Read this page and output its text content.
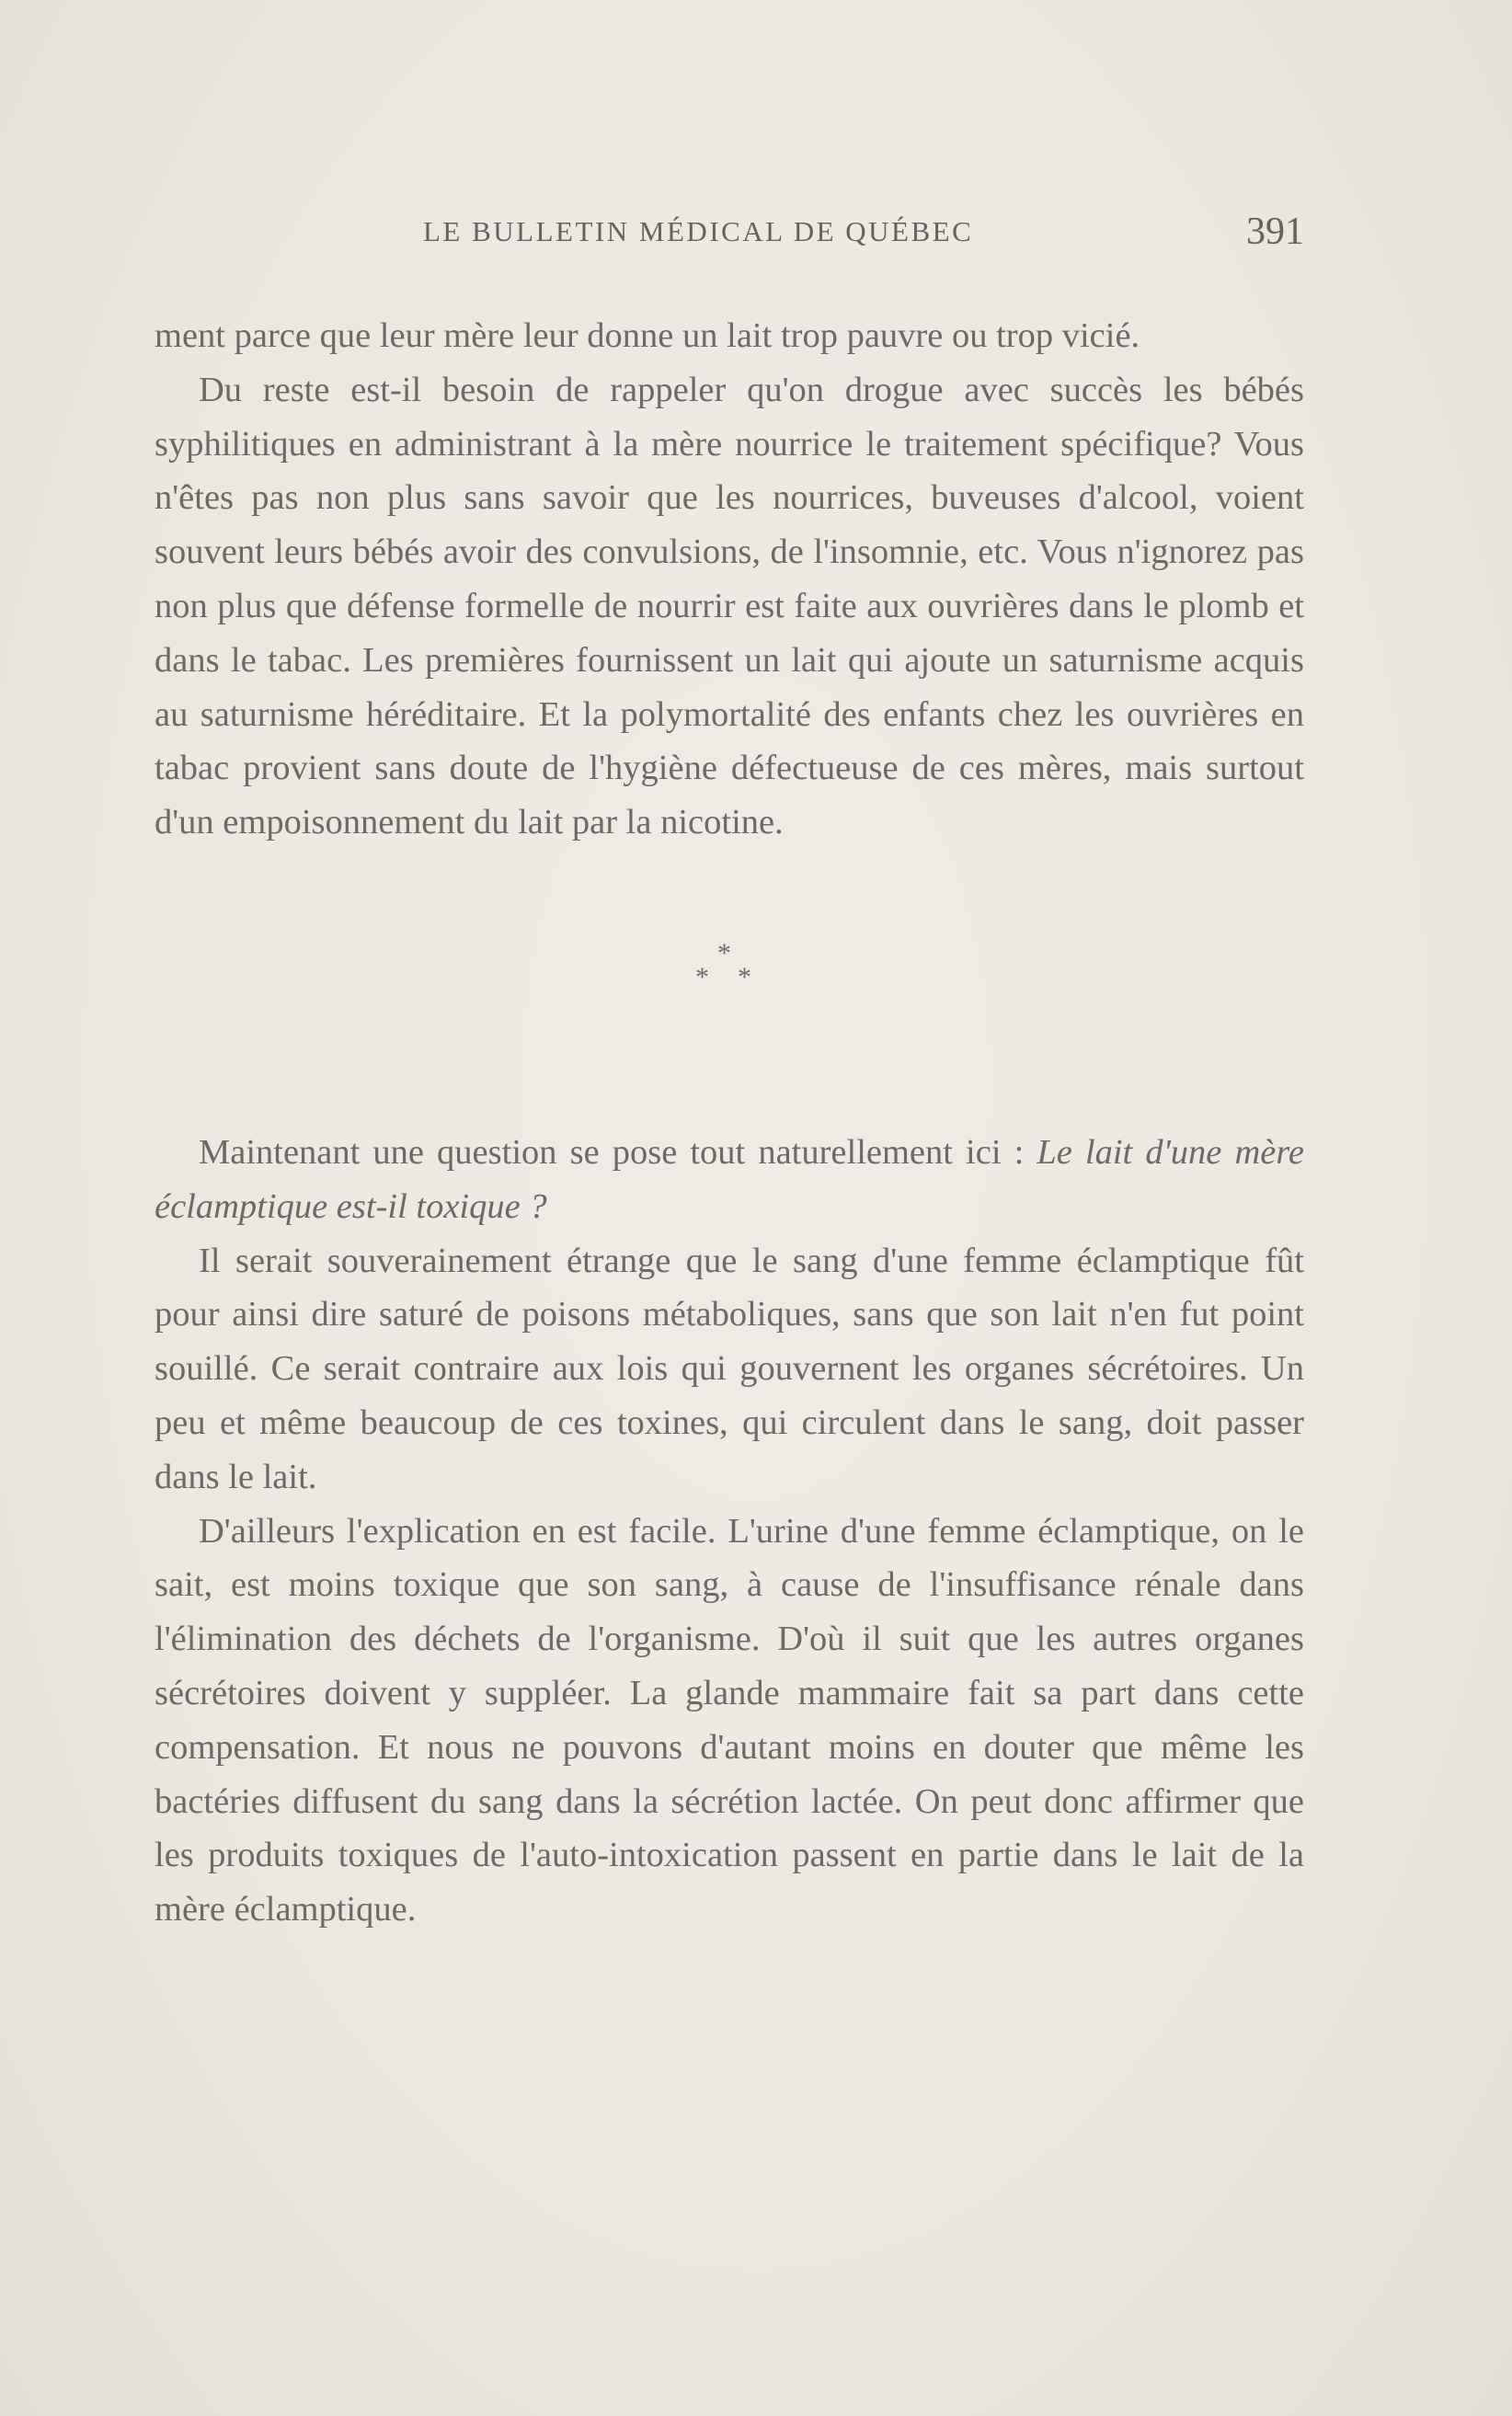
LE BULLETIN MÉDICAL DE QUÉBEC	391

ment parce que leur mère leur donne un lait trop pauvre ou trop vicié.

Du reste est-il besoin de rappeler qu'on drogue avec succès les bébés syphilitiques en administrant à la mère nourrice le traitement spécifique? Vous n'êtes pas non plus sans savoir que les nourrices, buveuses d'alcool, voient souvent leurs bébés avoir des convulsions, de l'insomnie, etc. Vous n'ignorez pas non plus que défense formelle de nourrir est faite aux ouvrières dans le plomb et dans le tabac. Les premières fournissent un lait qui ajoute un saturnisme acquis au saturnisme héréditaire. Et la polymortalité des enfants chez les ouvrières en tabac provient sans doute de l'hygiène défectueuse de ces mères, mais surtout d'un empoisonnement du lait par la nicotine.

*
* *

Maintenant une question se pose tout naturellement ici : Le lait d'une mère éclamptique est-il toxique ?

Il serait souverainement étrange que le sang d'une femme éclamptique fût pour ainsi dire saturé de poisons métaboliques, sans que son lait n'en fut point souillé. Ce serait contraire aux lois qui gouvernent les organes sécrétoires. Un peu et même beaucoup de ces toxines, qui circulent dans le sang, doit passer dans le lait.

D'ailleurs l'explication en est facile. L'urine d'une femme éclamptique, on le sait, est moins toxique que son sang, à cause de l'insuffisance rénale dans l'élimination des déchets de l'organisme. D'où il suit que les autres organes sécrétoires doivent y suppléer. La glande mammaire fait sa part dans cette compensation. Et nous ne pouvons d'autant moins en douter que même les bactéries diffusent du sang dans la sécrétion lactée. On peut donc affirmer que les produits toxiques de l'auto-intoxication passent en partie dans le lait de la mère éclamptique.
